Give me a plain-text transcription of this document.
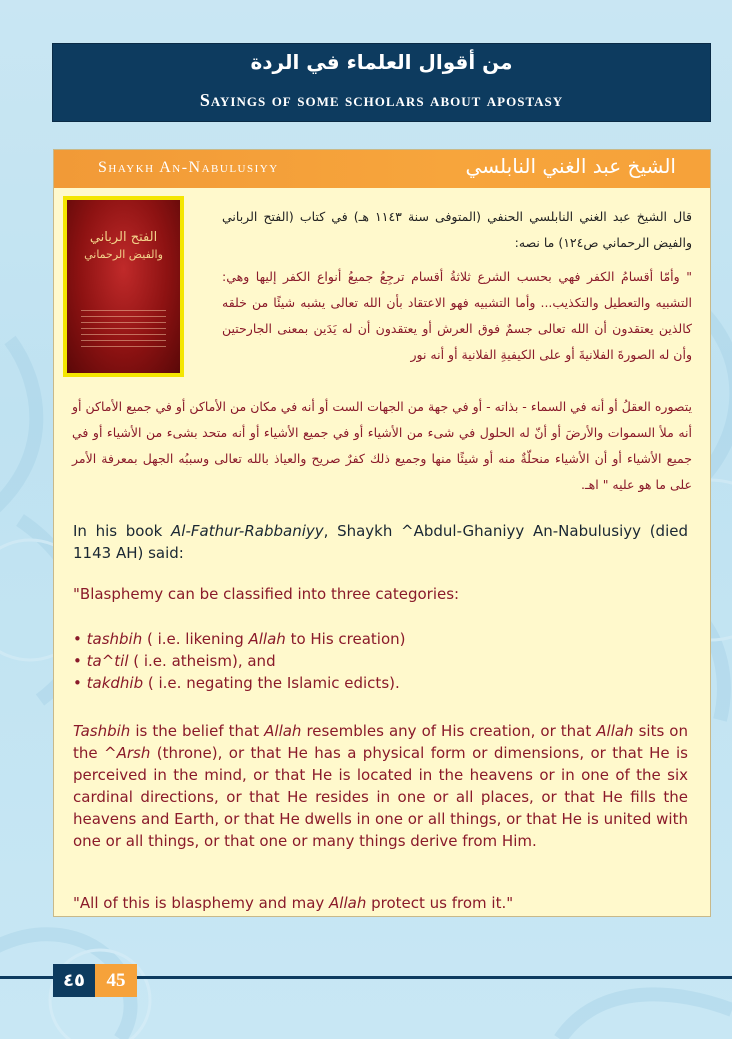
من أقوال العلماء في الردة
Sayings of some scholars about apostasy
Shaykh An-Nabulusiyy	الشيخ عبد الغني النابلسي
الفتح الرباني
والفيض الرحماني
قال الشيخ عبد الغني النابلسي الحنفي (المتوفى سنة ١١٤٣ هـ) في كتاب (الفتح الرباني والفيض الرحماني ص١٢٤) ما نصه:
" وأمّا أقسامُ الكفر فهي بحسب الشرع ثلاثةُ أقسام ترجِعُ جميعُ أنواع الكفر إليها وهي: التشبيه والتعطيل والتكذيب... وأما التشبيه فهو الاعتقاد بأن الله تعالى يشبه شيئًا من خلقه كالذين يعتقدون أن الله تعالى جسمٌ فوق العرش أو يعتقدون أن له يَدَين بمعنى الجارحتين وأن له الصورةَ الفلانيةَ أو على الكيفيةِ الفلانية أو أنه نور
يتصوره العقلُ أو أنه في السماء - بذاته - أو في جهة من الجهات الست أو أنه في مكان من الأماكن أو في جميع الأماكن أو أنه ملأ السموات والأرضَ أو أنّ له الحلول في شىء من الأشياء أو في جميع الأشياء أو أنه متحد بشىء من الأشياء أو في جميع الأشياء أو أن الأشياء منحلّةٌ منه أو شيئًا منها وجميع ذلك كفرٌ صريح والعياذ بالله تعالى وسببُه الجهل بمعرفة الأمر على ما هو عليه " اهـ.
In his book Al-Fathur-Rabbaniyy, Shaykh ^Abdul-Ghaniyy An-Nabulusiyy (died 1143 AH) said:
"Blasphemy can be classified into three categories:
• tashbih ( i.e. likening Allah to His creation)
• ta^til ( i.e. atheism), and
• takdhib ( i.e. negating the Islamic edicts).
Tashbih is the belief that Allah resembles any of His creation, or that Allah sits on the ^Arsh (throne), or that He has a physical form or dimensions, or that He is perceived in the mind, or that He is located in the heavens or in one of the six cardinal directions, or that He resides in one or all places, or that He fills the heavens and Earth, or that He dwells in one or all things, or that He is united with one or all things, or that one or many things derive from Him.
"All of this is blasphemy and may Allah protect us from it."
٤٥	45
